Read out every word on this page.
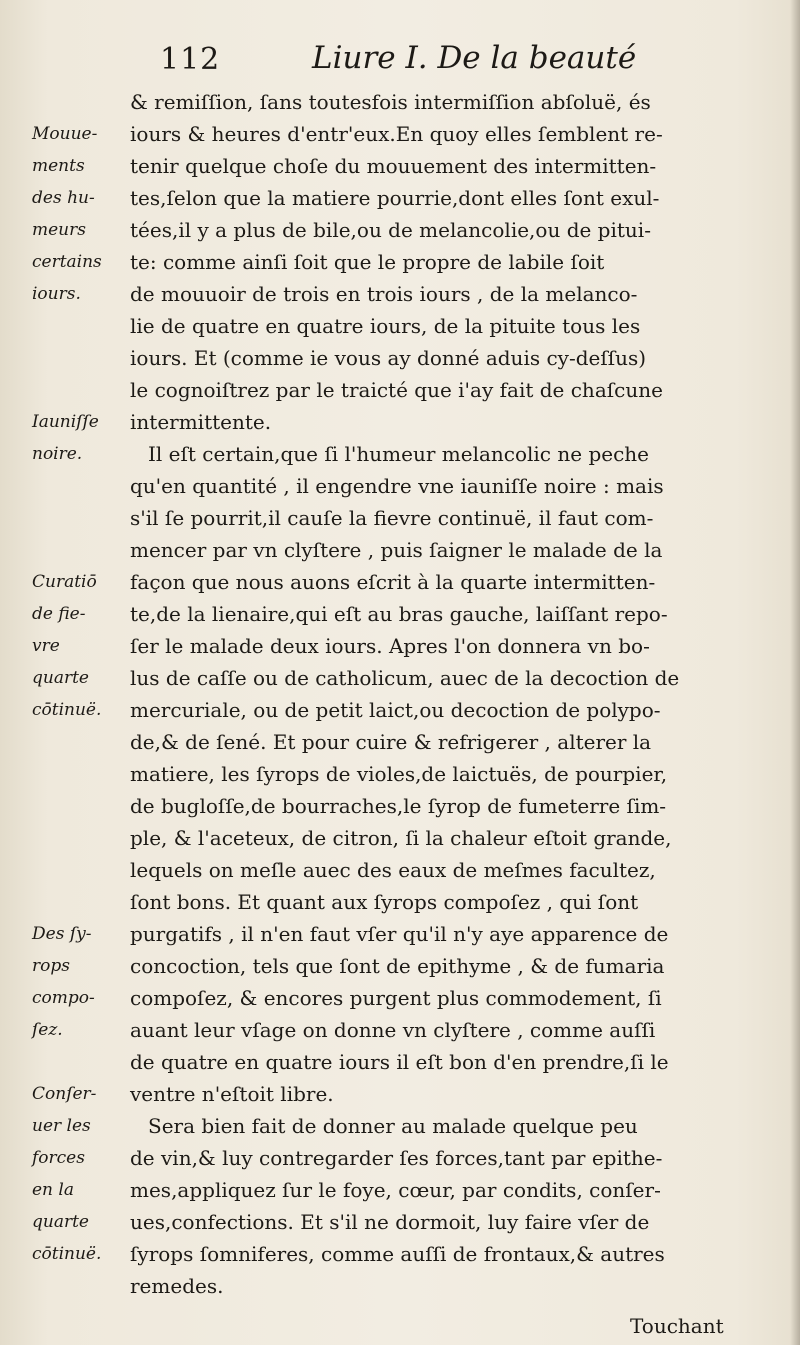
112	Liure I. De la beauté
Mouue-
ments
des hu-
meurs
certains
iours.
Iauniſſe
noire.
Curatiō
de fie-
vre
quarte
cōtinuë.
Des ſy-
rops
compo-
ſez.
Conſer-
uer les
forces
en la
quarte
cōtinuë.
& remiſſion, ſans toutesfois intermiſſion abſoluë, és
iours & heures d'entr'eux.En quoy elles ſemblent re-
tenir quelque choſe du mouuement des intermitten-
tes,ſelon que la matiere pourrie,dont elles ſont exul-
tées,il y a plus de bile,ou de melancolie,ou de pitui-
te: comme ainſi ſoit que le propre de labile ſoit
de mouuoir de trois en trois iours , de la melanco-
lie de quatre en quatre iours, de la pituite tous les
iours. Et (comme ie vous ay donné aduis cy-deſſus)
le cognoiſtrez par le traicté que i'ay fait de chaſcune
intermittente.
Il eſt certain,que ſi l'humeur melancolic ne peche
qu'en quantité , il engendre vne iauniſſe noire : mais
s'il ſe pourrit,il cauſe la fievre continuë, il faut com-
mencer par vn clyſtere , puis ſaigner le malade de la
façon que nous auons eſcrit à la quarte intermitten-
te,de la lienaire,qui eſt au bras gauche, laiſſant repo-
ſer le malade deux iours. Apres l'on donnera vn bo-
lus de caſſe ou de catholicum, auec de la decoction de
mercuriale, ou de petit laict,ou decoction de polypo-
de,& de ſené. Et pour cuire & refrigerer , alterer la
matiere, les ſyrops de violes,de laictuës, de pourpier,
de bugloſſe,de bourraches,le ſyrop de fumeterre ſim-
ple, & l'aceteux, de citron, ſi la chaleur eſtoit grande,
lequels on meſle auec des eaux de meſmes facultez,
ſont bons. Et quant aux ſyrops compoſez , qui ſont
purgatifs , il n'en faut vſer qu'il n'y aye apparence de
concoction, tels que ſont de epithyme , & de fumaria
compoſez, & encores purgent plus commodement, ſi
auant leur vſage on donne vn clyſtere , comme auſſi
de quatre en quatre iours il eſt bon d'en prendre,ſi le
ventre n'eſtoit libre.
Sera bien fait de donner au malade quelque peu
de vin,& luy contregarder ſes forces,tant par epithe-
mes,appliquez ſur le foye, cœur, par condits, conſer-
ues,confections. Et s'il ne dormoit, luy faire vſer de
ſyrops ſomniferes, comme auſſi de frontaux,& autres
remedes.
Touchant
